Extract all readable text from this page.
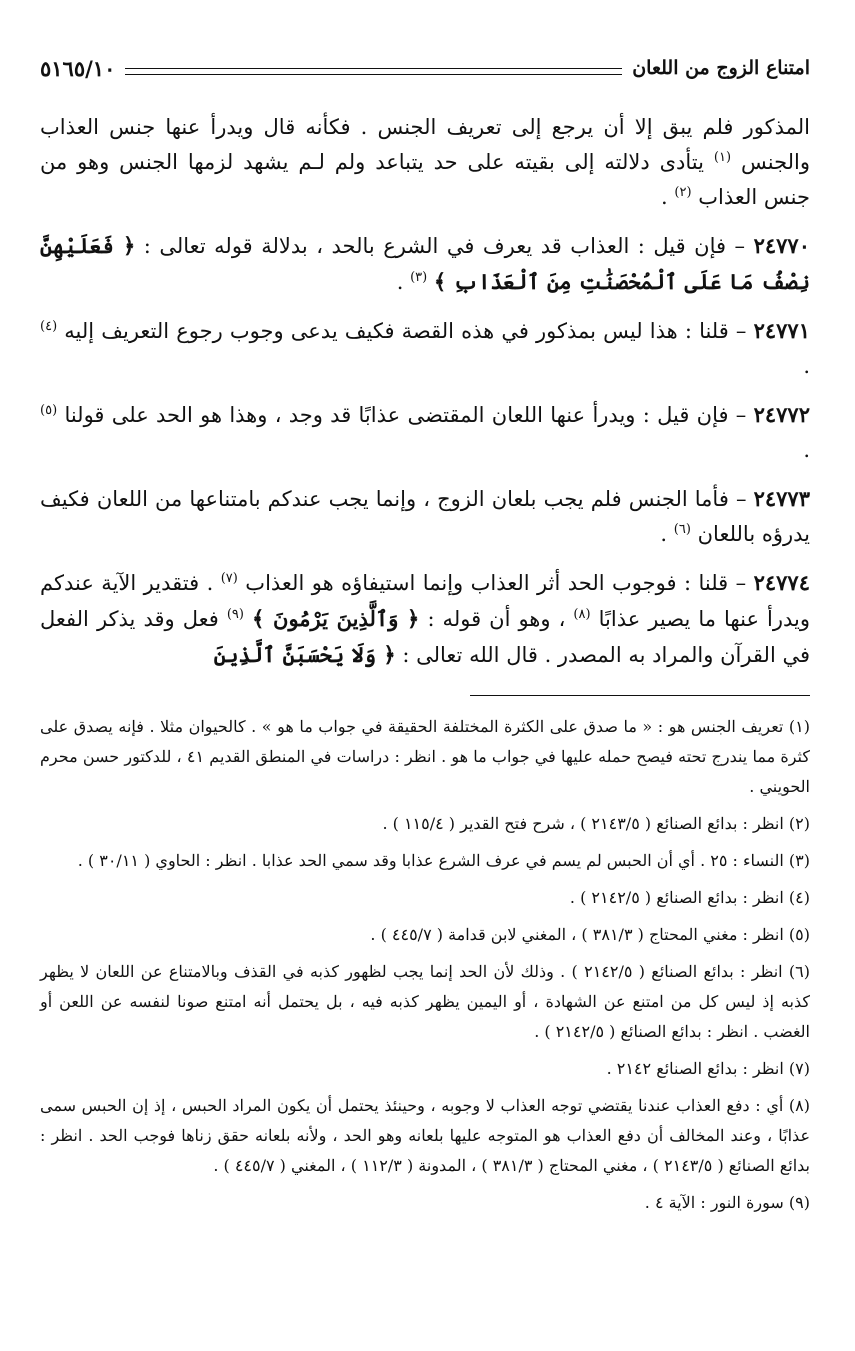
امتناع الزوج من اللعان
٥١٦٥/١٠

المذكور فلم يبق إلا أن يرجع إلى تعريف الجنس . فكأنه قال ويدرأ عنها جنس العذاب والجنس $^{(١)}$ يتأدى دلالته إلى بقيته على حد يتباعد ولم لـم يشهد لزمها الجنس وهو من جنس العذاب $^{(٢)}$ .

٢٤٧٧٠ – فإن قيل : العذاب قد يعرف في الشرع بالحد ، بدلالة قوله تعالى : ﴿ فَعَلَيْهِنَّ نِصْفُ مَا عَلَى ٱلْمُحْصَنَٰتِ مِنَ ٱلْعَذَابِ ﴾ $^{(٣)}$ .

٢٤٧٧١ – قلنا : هذا ليس بمذكور في هذه القصة فكيف يدعى وجوب رجوع التعريف إليه $^{(٤)}$ .

٢٤٧٧٢ – فإن قيل : ويدرأ عنها اللعان المقتضى عذابًا قد وجد ، وهذا هو الحد على قولنا $^{(٥)}$ .

٢٤٧٧٣ – فأما الجنس فلم يجب بلعان الزوج ، وإنما يجب عندكم بامتناعها من اللعان فكيف يدرؤه باللعان $^{(٦)}$ .

٢٤٧٧٤ – قلنا : فوجوب الحد أثر العذاب وإنما استيفاؤه هو العذاب $^{(٧)}$ . فتقدير الآية عندكم ويدرأ عنها ما يصير عذابًا $^{(٨)}$ ، وهو أن قوله : ﴿ وَٱلَّذِينَ يَرْمُونَ ﴾ $^{(٩)}$ فعل وقد يذكر الفعل في القرآن والمراد به المصدر . قال الله تعالى : ﴿ وَلَا يَحْسَبَنَّ ٱلَّذِينَ

(١) تعريف الجنس هو : « ما صدق على الكثرة المختلفة الحقيقة في جواب ما هو » . كالحيوان مثلا . فإنه يصدق على كثرة مما يندرج تحته فيصح حمله عليها في جواب ما هو . انظر : دراسات في المنطق القديم ٤١ ، للدكتور حسن محرم الحويني .

(٢) انظر : بدائع الصنائع ( ٢١٤٣/٥ ) ، شرح فتح القدير ( ١١٥/٤ ) .

(٣) النساء : ٢٥ . أي أن الحبس لم يسم في عرف الشرع عذابا وقد سمي الحد عذابا . انظر : الحاوي ( ٣٠/١١ ) .

(٤) انظر : بدائع الصنائع ( ٢١٤٢/٥ ) .

(٥) انظر : مغني المحتاج ( ٣٨١/٣ ) ، المغني لابن قدامة ( ٤٤٥/٧ ) .

(٦) انظر : بدائع الصنائع ( ٢١٤٢/٥ ) . وذلك لأن الحد إنما يجب لظهور كذبه في القذف وبالامتناع عن اللعان لا يظهر كذبه إذ ليس كل من امتنع عن الشهادة ، أو اليمين يظهر كذبه فيه ، بل يحتمل أنه امتنع صونا لنفسه عن اللعن أو الغضب . انظر : بدائع الصنائع ( ٢١٤٢/٥ ) .

(٧) انظر : بدائع الصنائع ٢١٤٢ .

(٨) أي : دفع العذاب عندنا يقتضي توجه العذاب لا وجوبه ، وحينئذ يحتمل أن يكون المراد الحبس ، إذ إن الحبس سمى عذابًا ، وعند المخالف أن دفع العذاب هو المتوجه عليها بلعانه وهو الحد ، ولأنه بلعانه حقق زناها فوجب الحد . انظر : بدائع الصنائع ( ٢١٤٣/٥ ) ، مغني المحتاج ( ٣٨١/٣ ) ، المدونة ( ١١٢/٣ ) ، المغني ( ٤٤٥/٧ ) .

(٩) سورة النور : الآية ٤ .
